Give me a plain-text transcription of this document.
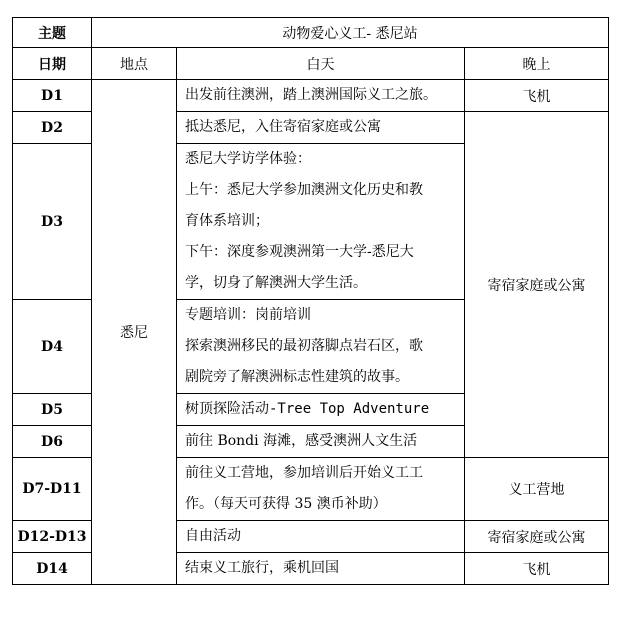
主题	动物爱心义工- 悉尼站		
日期	地点	白天	晚上
D1	悉尼	出发前往澳洲，踏上澳洲国际义工之旅。	飞机
D2		抵达悉尼，入住寄宿家庭或公寓	寄宿家庭或公寓
D3		悉尼大学访学体验：
上午：悉尼大学参加澳洲文化历史和教
育体系培训；
下午：深度参观澳洲第一大学-悉尼大
学，切身了解澳洲大学生活。	

D4		专题培训：岗前培训
探索澳洲移民的最初落脚点岩石区，歌
剧院旁了解澳洲标志性建筑的故事。	

D5		树顶探险活动-Tree Top Adventure	

D6		前往 Bondi 海滩，感受澳洲人文生活	

D7-D11		前往义工营地，参加培训后开始义工工
作。（每天可获得 35 澳币补助）	义工营地
D12-D13		自由活动	寄宿家庭或公寓
D14		结束义工旅行，乘机回国	飞机
